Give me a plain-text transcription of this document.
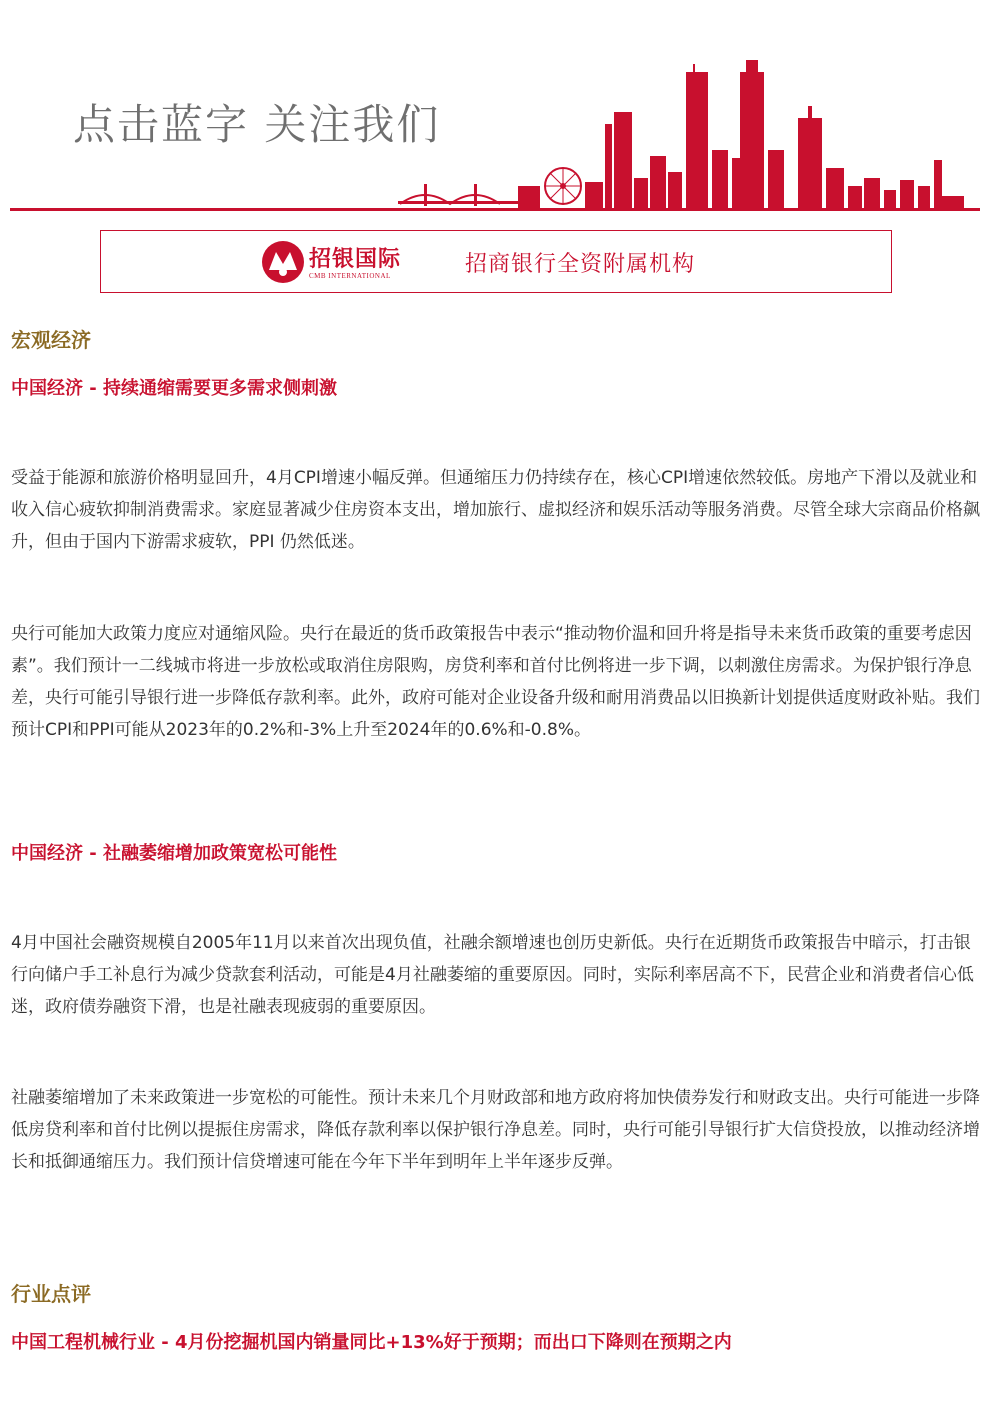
点击蓝字 关注我们
招银国际
CMB INTERNATIONAL	招商银行全资附属机构
宏观经济
中国经济 - 持续通缩需要更多需求侧刺激

受益于能源和旅游价格明显回升，4月CPI增速小幅反弹。但通缩压力仍持续存在，核心CPI增速依然较低。房地产下滑以及就业和收入信心疲软抑制消费需求。家庭显著减少住房资本支出，增加旅行、虚拟经济和娱乐活动等服务消费。尽管全球大宗商品价格飙升，但由于国内下游需求疲软，PPI 仍然低迷。

央行可能加大政策力度应对通缩风险。央行在最近的货币政策报告中表示“推动物价温和回升将是指导未来货币政策的重要考虑因素”。我们预计一二线城市将进一步放松或取消住房限购，房贷利率和首付比例将进一步下调，以刺激住房需求。为保护银行净息差，央行可能引导银行进一步降低存款利率。此外，政府可能对企业设备升级和耐用消费品以旧换新计划提供适度财政补贴。我们预计CPI和PPI可能从2023年的0.2%和-3%上升至2024年的0.6%和-0.8%。

中国经济 - 社融萎缩增加政策宽松可能性

4月中国社会融资规模自2005年11月以来首次出现负值，社融余额增速也创历史新低。央行在近期货币政策报告中暗示，打击银行向储户手工补息行为减少贷款套利活动，可能是4月社融萎缩的重要原因。同时，实际利率居高不下，民营企业和消费者信心低迷，政府债券融资下滑，也是社融表现疲弱的重要原因。

社融萎缩增加了未来政策进一步宽松的可能性。预计未来几个月财政部和地方政府将加快债券发行和财政支出。央行可能进一步降低房贷利率和首付比例以提振住房需求，降低存款利率以保护银行净息差。同时，央行可能引导银行扩大信贷投放，以推动经济增长和抵御通缩压力。我们预计信贷增速可能在今年下半年到明年上半年逐步反弹。

行业点评
中国工程机械行业 - 4月份挖掘机国内销量同比+13%好于预期；而出口下降则在预期之内
